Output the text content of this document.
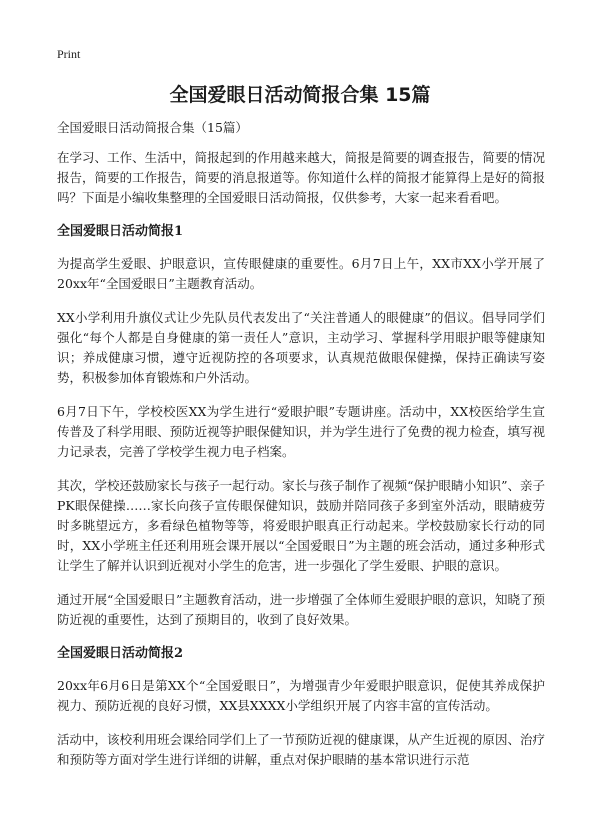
Print
全国爱眼日活动简报合集 15篇
全国爱眼日活动简报合集（15篇）

在学习、工作、生活中，简报起到的作用越来越大，简报是简要的调查报告，简要的情况报告，简要的工作报告，简要的消息报道等。你知道什么样的简报才能算得上是好的简报吗？下面是小编收集整理的全国爱眼日活动简报，仅供参考，大家一起来看看吧。

全国爱眼日活动简报1

为提高学生爱眼、护眼意识，宣传眼健康的重要性。6月7日上午，XX市XX小学开展了20xx年“全国爱眼日”主题教育活动。

XX小学利用升旗仪式让少先队员代表发出了“关注普通人的眼健康”的倡议。倡导同学们强化“每个人都是自身健康的第一责任人”意识，主动学习、掌握科学用眼护眼等健康知识；养成健康习惯，遵守近视防控的各项要求，认真规范做眼保健操，保持正确读写姿势，积极参加体育锻炼和户外活动。

6月7日下午，学校校医XX为学生进行“爱眼护眼”专题讲座。活动中，XX校医给学生宣传普及了科学用眼、预防近视等护眼保健知识，并为学生进行了免费的视力检查，填写视力记录表，完善了学校学生视力电子档案。

其次，学校还鼓励家长与孩子一起行动。家长与孩子制作了视频“保护眼睛小知识”、亲子PK眼保健操……家长向孩子宣传眼保健知识，鼓励并陪同孩子多到室外活动，眼睛疲劳时多眺望远方，多看绿色植物等等，将爱眼护眼真正行动起来。学校鼓励家长行动的同时，XX小学班主任还利用班会课开展以“全国爱眼日”为主题的班会活动，通过多种形式让学生了解并认识到近视对小学生的危害，进一步强化了学生爱眼、护眼的意识。

通过开展“全国爱眼日”主题教育活动，进一步增强了全体师生爱眼护眼的意识，知晓了预防近视的重要性，达到了预期目的，收到了良好效果。

全国爱眼日活动简报2

20xx年6月6日是第XX个“全国爱眼日”，为增强青少年爱眼护眼意识，促使其养成保护视力、预防近视的良好习惯，XX县XXXX小学组织开展了内容丰富的宣传活动。

活动中，该校利用班会课给同学们上了一节预防近视的健康课，从产生近视的原因、治疗和预防等方面对学生进行详细的讲解，重点对保护眼睛的基本常识进行示范
